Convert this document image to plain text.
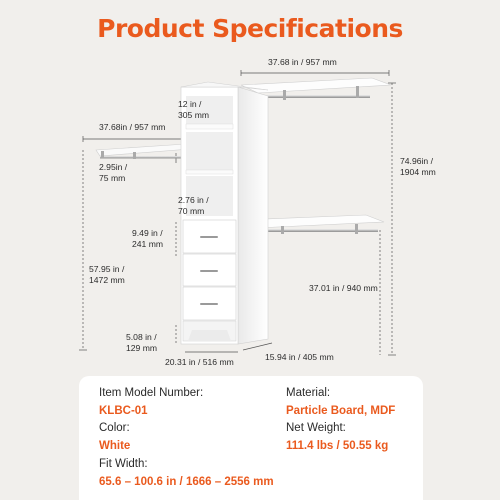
Product Specifications
37.68 in / 957 mm
37.68in / 957 mm
12 in /
305 mm
2.95in /
75 mm
74.96in /
1904 mm
2.76 in /
70 mm
9.49 in /
241 mm
57.95 in /
1472 mm
37.01 in / 940 mm
5.08 in /
129 mm
20.31 in / 516 mm	15.94 in / 405 mm
Item Model Number:
KLBC-01
Material:
Particle Board, MDF
Color:
White
Net Weight:
111.4 lbs / 50.55 kg
Fit Width:
65.6 – 100.6 in / 1666 – 2556 mm
